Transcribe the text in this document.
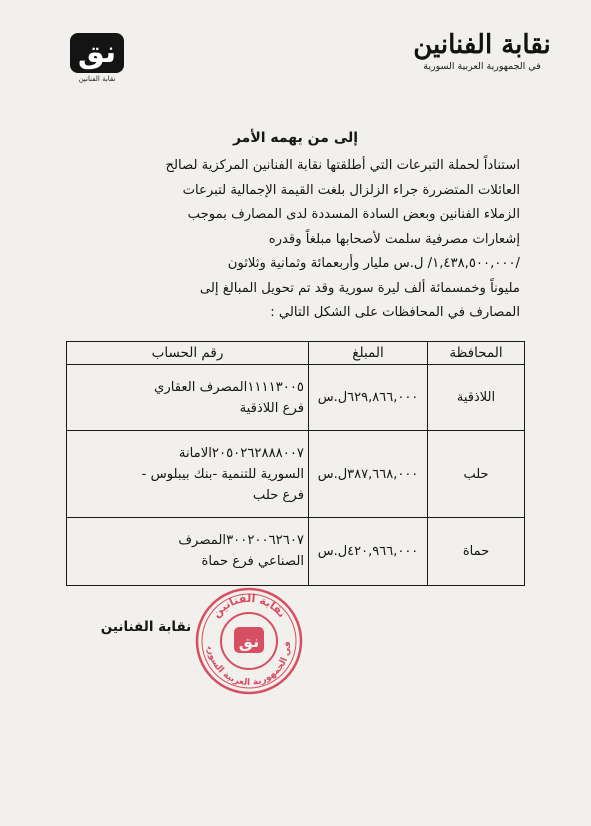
نقابة الفنانين
في الجمهورية العربية السورية
نق
نقابة الفنانين
إلى من يهمه الأمر
استناداً لحملة التبرعات التي أطلقتها نقابة الفنانين المركزية لصالح
العائلات المتضررة جراء الزلزال بلغت القيمة الإجمالية لتبرعات
الزملاء الفنانين وبعض السادة المسددة لدى المصارف بموجب
إشعارات مصرفية سلمت لأصحابها مبلغاً وقدره
/١,٤٣٨,٥٠٠,٠٠٠/ ل.س مليار وأربعمائة وثمانية وثلاثون
مليوناً وخمسمائة ألف ليرة سورية وقد تم تحويل المبالغ إلى
المصارف في المحافظات على الشكل التالي :
المحافظة	المبلغ	رقم الحساب
اللاذقية	٦٢٩,٨٦٦,٠٠٠ل.س	١١١١٣٠٠٥المصرف العقاري
فرع اللاذقية

حلب	٣٨٧,٦٦٨,٠٠٠ل.س	٢٠٥٠٢٦٢٨٨٨٠٠٧الامانة
السورية للتنمية -بنك بيبلوس -
فرع حلب

حماة	٤٢٠,٩٦٦,٠٠٠ل.س	٣٠٠٢٠٠٦٢٦٠٧المصرف
الصناعي فرع حماة
نقابة الفنانين
نقابة الفنانين
في الجمهورية العربية السوري	نق
